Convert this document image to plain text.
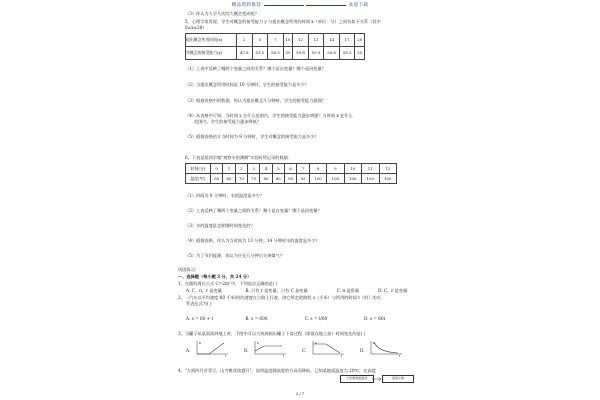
精品资料推荐	欢迎下载
（3）你认为人学几次的大概会变成呢？
5、心理学家发现，学生对概念的接受能力 y 与提出概念所用的时间 x（单位：分）之间有如下关系（其中
0≤x≤30）
提出概念所用时间(x)	2	5	7	10	12	13	14	17	20
对概念的接受能力(y)	47.8	53.5	56.3	59	59.8	59.9	59.8	58.3	55
（1）上表中反映了哪两个变量之间的关系？哪个是自变量？哪个是因变量？
（2）当提出概念所用时间是 10 分钟时，学生的接受能力是多少？
（3）根据表格中的数据，你认为提出概念几分钟时，学生的接受能力最强？
（4）从表格中可知，当时间 x 在什么范围内，学生的接受能力逐步增强？当时间 x 在什么
范围内，学生的接受能力逐步降低？
（5）根据表格估计当时间为 8 分钟时，学生对概念的接受能力是多少？
6、下表是某同学做"观察水的沸腾"实验时所记录的数据：
时间(分)	0	1	2	3	4	5	6	7	8	9	10	11	12
温度(℃)	60	65	70	75	80	85	90	95	100	100	100	100	100
（1）时间为 8 分钟时，水的温度是多少？
（2）上表反映了哪两个变量之间的关系？哪个是自变量？哪个是因变量？
（3）水的温度是怎样随时间变化的？
（4）根据表格，你认为当时间为 13 分钟，14 分钟时水的温度是多少？
（5）为了节约能源，你认为应在几分钟后关掉煤气？
巩固练习：
一、选择题（每小题 3 分，共 24 分）
1、在圆的周长公式 C=2πr 中，下列说法正确的是( )
A. C，π，r 是变量	B. 只有 r 是变量，只有 C 是变量	C. π 是常量	D. C，r 是变量
2、一汽车以平均速度 60 千米/时的速度在公路上行驶，则它所走的路程 s（千米）与所用的时间 t（时）的关
系表达式为( )
A. s = 60 + t	B. s = 60/t	C. s = t/60	D. s = 60t
3、当罐子从桌面落到地上时，下图中可以大致刻画出罐子下落过程（即落在地上前）时间变化的是( )
A.
h
t
B.
h
t
C.
h
t
D.
h
t
4、"人间四月芳菲尽，山寺桃花始盛开"，说明温度随高度的升高而降低。已知某地面温度为 20℃，在高度
已知某地面温度	高度计算
2 / 7
